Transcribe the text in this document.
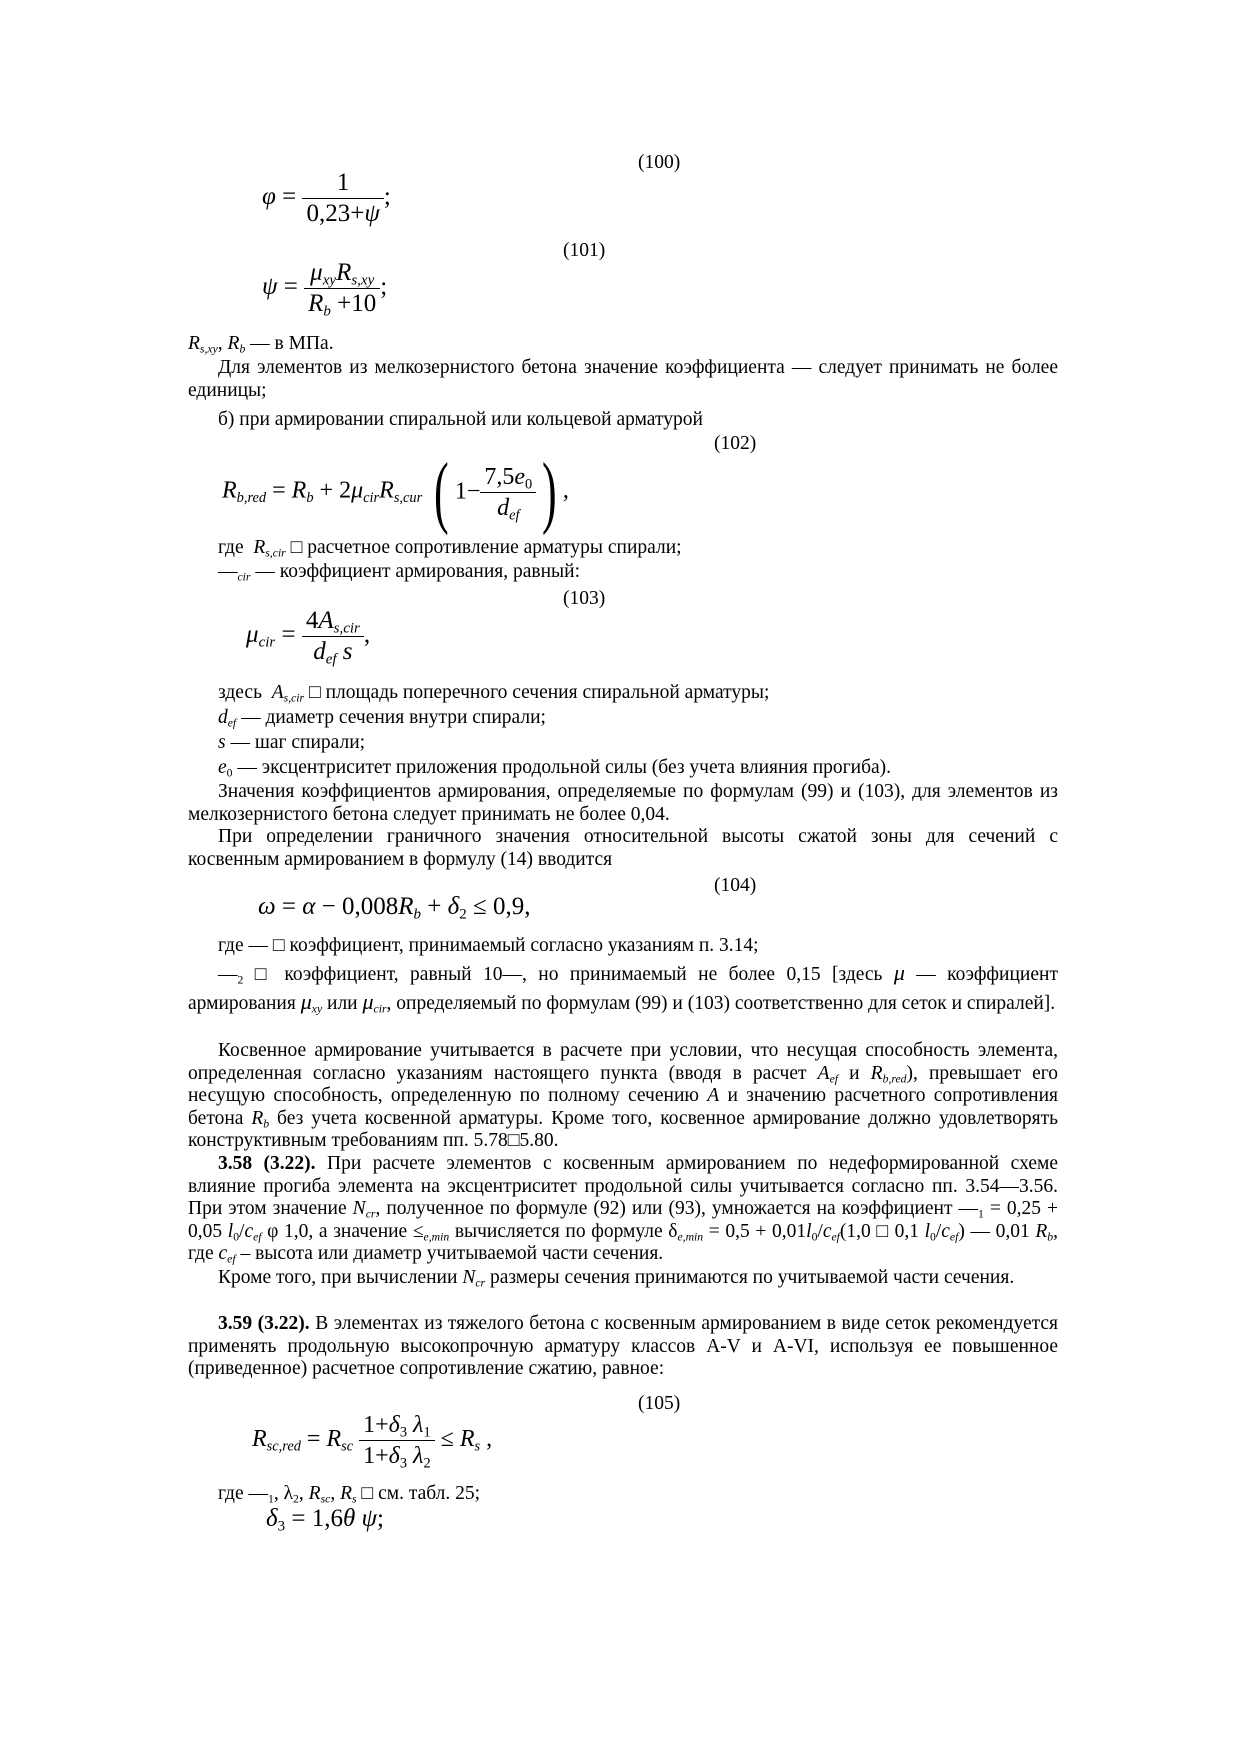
(100)
$\varphi = \frac{1}{0,23+\psi}$ ;
(101)
$\psi = \frac{\mu_{xy}R_{s,xy}}{R_b +10}$ ;
$R_{s,xy}$, $R_b$ — в МПа.

Для элементов из мелкозернистого бетона значение коэффициента — следует принимать не более единицы;

б) при армировании спиральной или кольцевой арматурой
(102)
$R_{b,red} = R_b + 2\mu_{cir}R_{s,cur}$ ( $1- \frac{7,5e_0}{d_{ef}}$ ) ,
где  $R_{s,cir}$ □ расчетное сопротивление арматуры спирали;
$—_{cir}$ — коэффициент армирования, равный:
(103)
$\mu_{cir} = \frac{4A_{s,cir}}{d_{ef} s}$ ,
здесь  $A_{s,cir}$ □ площадь поперечного сечения спиральной арматуры;
$d_{ef}$ — диаметр сечения внутри спирали;
s — шаг спирали;
$e_0$ — эксцентриситет приложения продольной силы (без учета влияния прогиба).

Значения коэффициентов армирования, определяемые по формулам (99) и (103), для элементов из мелкозернистого бетона следует принимать не более 0,04.

При определении граничного значения относительной высоты сжатой зоны для сечений с косвенным армированием в формулу (14) вводится

(104)
$\omega = \alpha - 0,008R_b + \delta_2 \le 0,9$,
где — □ коэффициент, принимаемый согласно указаниям п. 3.14;

$—_2$ □ коэффициент, равный 10—, но принимаемый не более 0,15 [здесь μ — коэффициент армирования $\mu_{xy}$ или $\mu_{cir}$, определяемый по формулам (99) и (103) соответственно для сеток и спиралей].

Косвенное армирование учитывается в расчете при условии, что несущая способность элемента, определенная согласно указаниям настоящего пункта (вводя в расчет $A_{ef}$ и $R_{b,red}$), превышает его несущую способность, определенную по полному сечению A и значению расчетного сопротивления бетона $R_b$ без учета косвенной арматуры. Кроме того, косвенное армирование должно удовлетворять конструктивным требованиям пп. 5.78□5.80.

3.58 (3.22). При расчете элементов с косвенным армированием по недеформированной схеме влияние прогиба элемента на эксцентриситет продольной силы учитывается согласно пп. 3.54—3.56. При этом значение $N_{cr}$, полученное по формуле (92) или (93), умножается на коэффициент $—_1 = 0,25 + 0,05$ $l_0/c_{ef}$ φ 1,0, а значение $\le_{e,min}$ вычисляется по формуле $\delta_{e,min} = 0,5 + 0,01l_0/c_{ef}(1,0$ □ 0,1 $l_0/c_{ef}$) — 0,01 $R_b$, где $c_{ef}$ – высота или диаметр учитываемой части сечения.

Кроме того, при вычислении $N_{cr}$ размеры сечения принимаются по учитываемой части сечения.

3.59 (3.22). В элементах из тяжелого бетона с косвенным армированием в виде сеток рекомендуется применять продольную высокопрочную арматуру классов A-V и A-VI, используя ее повышенное (приведенное) расчетное сопротивление сжатию, равное:

(105)
$R_{sc,red} = R_{sc} \frac{1+\delta_3 \lambda_1}{1+\delta_3 \lambda_2} \le R_s$ ,
где $—_1$, $\lambda_2$, $R_{sc}$, $R_s$ □ см. табл. 25;
$\delta_3 = 1,6\theta$ ψ;
